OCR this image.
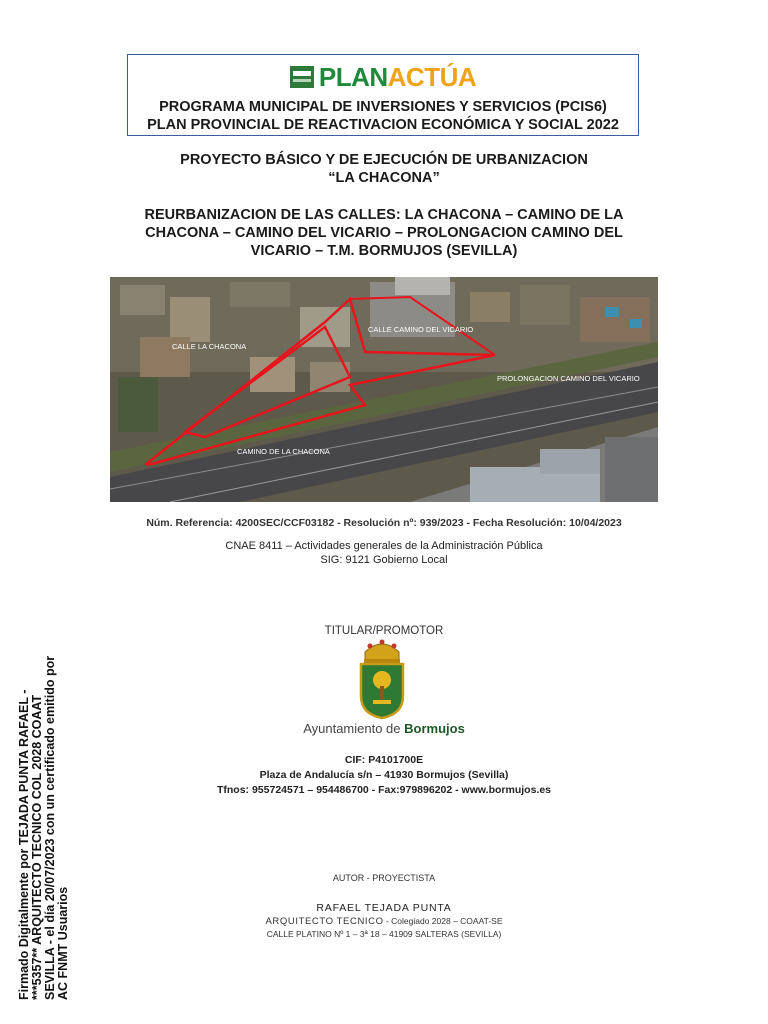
PLANACTÚA
PROGRAMA MUNICIPAL DE INVERSIONES Y SERVICIOS (PCIS6)
PLAN PROVINCIAL DE REACTIVACION ECONÓMICA Y SOCIAL 2022
PROYECTO BÁSICO Y DE EJECUCIÓN DE URBANIZACION
“LA CHACONA”
REURBANIZACION DE LAS CALLES: LA CHACONA – CAMINO DE LA
CHACONA – CAMINO DEL VICARIO – PROLONGACION CAMINO DEL
VICARIO – T.M. BORMUJOS (SEVILLA)
CALLE LA CHACONA
CALLE CAMINO DEL VICARIO
PROLONGACION CAMINO DEL VICARIO
CAMINO DE LA CHACONA
Núm. Referencia: 4200SEC/CCF03182 - Resolución nº: 939/2023 - Fecha Resolución: 10/04/2023
CNAE 8411 – Actividades generales de la Administración Pública
SIG: 9121 Gobierno Local
TITULAR/PROMOTOR
Ayuntamiento de Bormujos
CIF: P4101700E
Plaza de Andalucía s/n – 41930 Bormujos (Sevilla)
Tfnos: 955724571 – 954486700 - Fax:979896202 - www.bormujos.es
AUTOR - PROYECTISTA
RAFAEL TEJADA PUNTA
ARQUITECTO TECNICO - Colegiado 2028 – COAAT-SE
CALLE PLATINO Nº 1 – 3ª 18 – 41909 SALTERAS (SEVILLA)
Firmado Digitalmente por TEJADA PUNTA RAFAEL - ***5357** ARQUITECTO TECNICO COL 2028 COAAT SEVILLA - el día 20/07/2023 con un certificado emitido por AC FNMT Usuarios
